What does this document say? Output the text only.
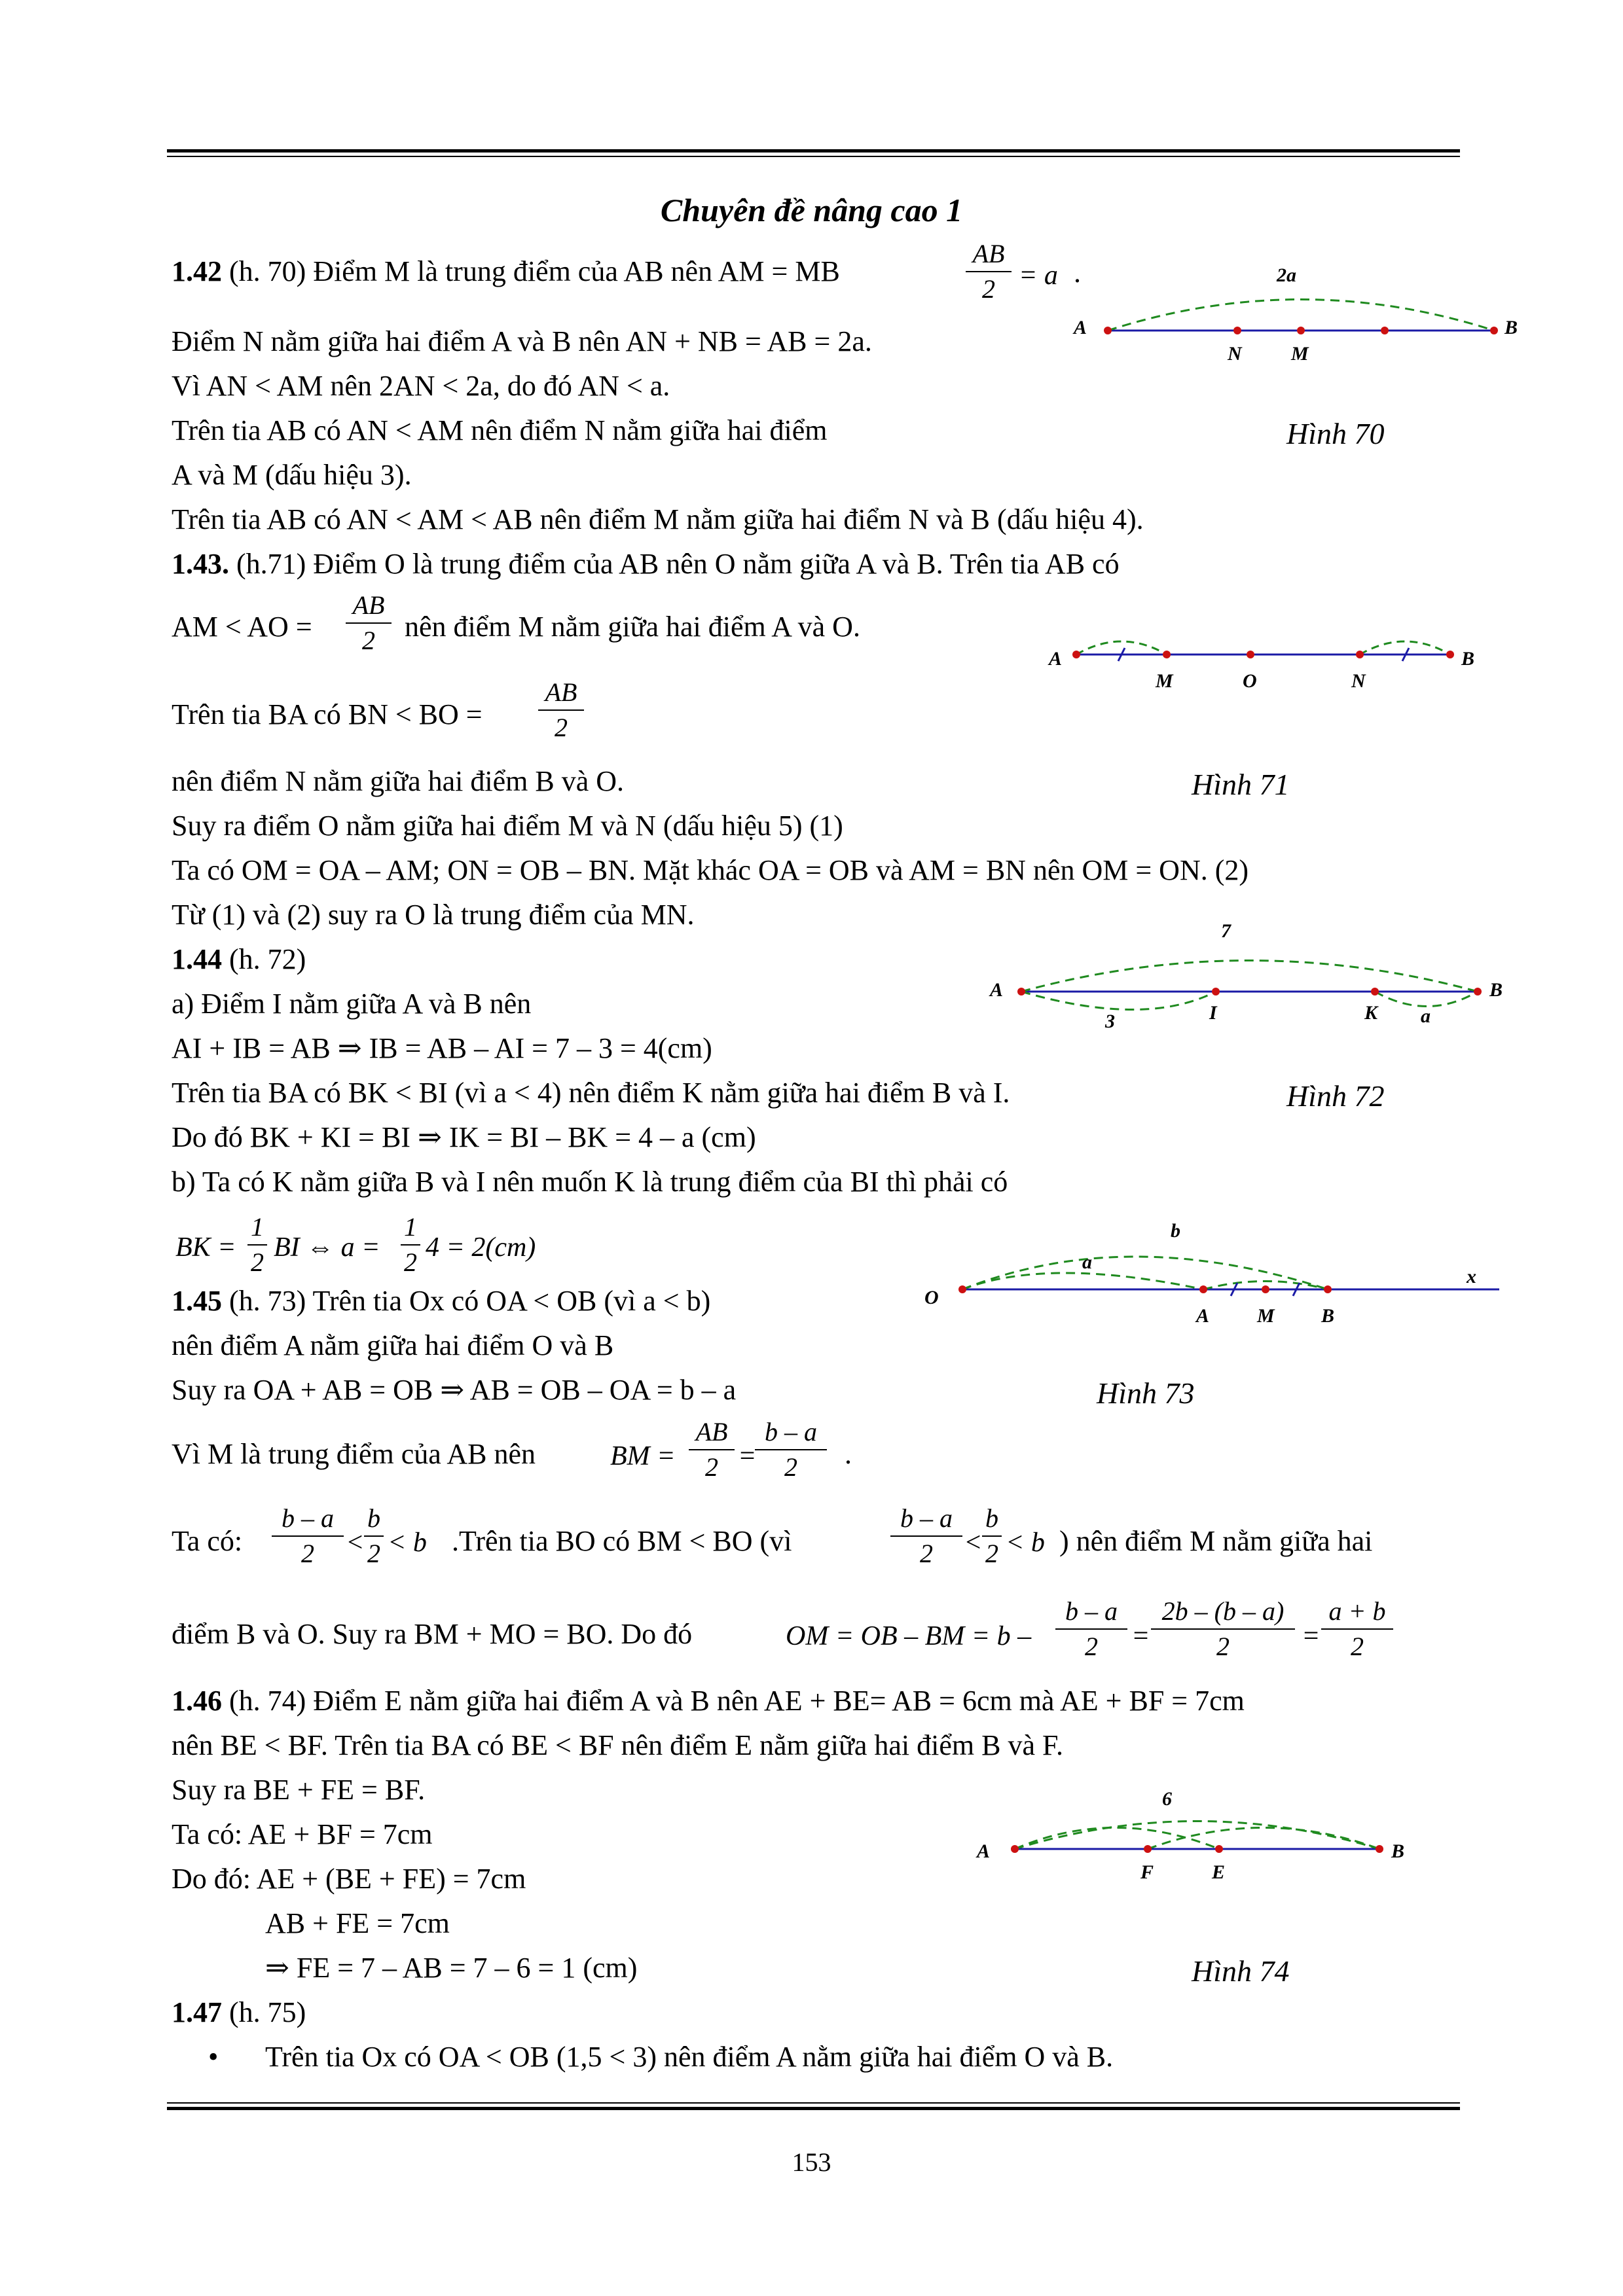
Chuyên đề nâng cao 1
1.42 (h. 70) Điểm M là trung điểm của AB nên AM = MB
AB
2 = a .
Điểm N nằm giữa hai điểm A và B nên AN + NB = AB = 2a.
Vì AN < AM nên 2AN < 2a, do đó AN < a.
Trên tia AB có AN < AM nên điểm N nằm giữa hai điểm	Hình 70
A và M (dấu hiệu 3).
Trên tia AB có AN < AM < AB nên điểm M nằm giữa hai điểm N và B (dấu hiệu 4).
2a
A	B
N	M
1.43. (h.71) Điểm O là trung điểm của AB nên O nằm giữa A và B. Trên tia AB có
AM < AO =
AB
2	nên điểm M nằm giữa hai điểm A và O.
Trên tia BA có BN < BO =
AB
2
nên điểm N nằm giữa hai điểm B và O.	Hình 71
Suy ra điểm O nằm giữa hai điểm M và N (dấu hiệu 5) (1)
Ta có OM = OA – AM; ON = OB – BN. Mặt khác OA = OB và AM = BN nên OM = ON. (2)
Từ (1) và (2) suy ra O là trung điểm của MN.
A
M	O	N
B
1.44 (h. 72)
a) Điểm I nằm giữa A và B nên
AI + IB = AB ⇒ IB = AB – AI = 7 – 3 = 4(cm)
Trên tia BA có BK < BI (vì a < 4) nên điểm K nằm giữa hai điểm B và I.	Hình 72
Do đó BK + KI = BI ⇒ IK = BI – BK = 4 – a (cm)
b) Ta có K nằm giữa B và I nên muốn K là trung điểm của BI thì phải có
BK =
1
2 BI ⇔ a =
1
2 4 = 2(cm)
7
A	B
I	K
3	a
1.45 (h. 73) Trên tia Ox có OA < OB (vì a < b)
nên điểm A nằm giữa hai điểm O và B
Suy ra OA + AB = OB ⇒ AB = OB – OA = b – a	Hình 73
Vì M là trung điểm của AB nên	BM =
AB
2 =
b – a
2	.
Ta có:
b – a
2	<
b
2 < b .Trên tia BO có BM < BO (vì
b – a
2	<
b
2 < b ) nên điểm M nằm giữa hai
điểm B và O. Suy ra BM + MO = BO. Do đó	OM = OB – BM = b –
b – a
2	=
2b – (b – a)
2	=
a + b
2
O
x
A M B
a
b
1.46 (h. 74) Điểm E nằm giữa hai điểm A và B nên AE + BE= AB = 6cm mà AE + BF = 7cm
nên BE < BF. Trên tia BA có BE < BF nên điểm E nằm giữa hai điểm B và F.
Suy ra BE + FE = BF.
Ta có: AE + BF = 7cm
Do đó: AE + (BE + FE) = 7cm
AB + FE = 7cm
⇒ FE = 7 – AB = 7 – 6 = 1 (cm)	Hình 74
6
A	B
F	E
1.47 (h. 75)
• Trên tia Ox có OA < OB (1,5 < 3) nên điểm A nằm giữa hai điểm O và B.
153
